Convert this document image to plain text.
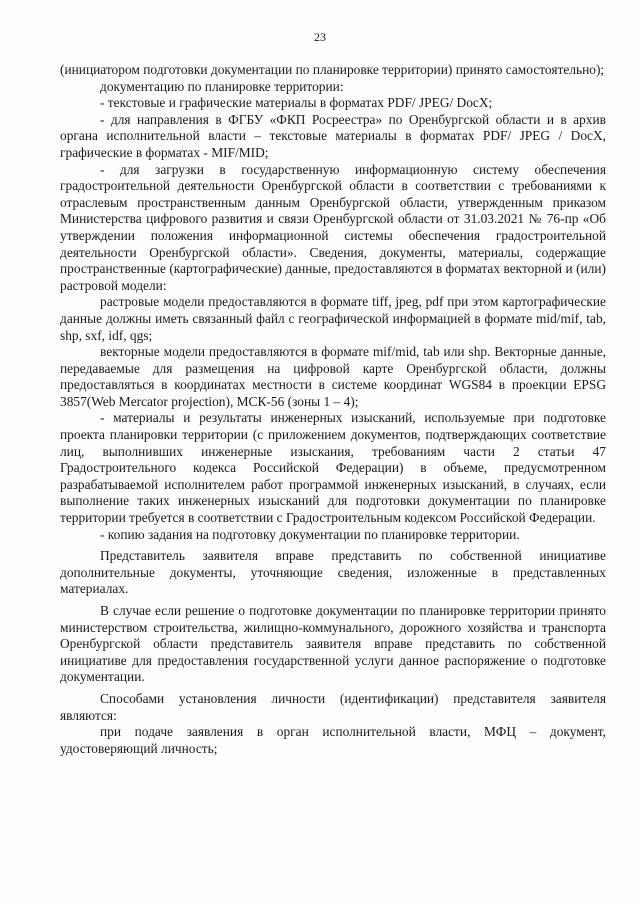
23

(инициатором подготовки документации по планировке территории) принято самостоятельно);

документацию по планировке территории:

- текстовые и графические материалы в форматах PDF/ JPEG/ DocX;

- для направления в ФГБУ «ФКП Росреестра» по Оренбургской области и в архив органа исполнительной власти – текстовые материалы в форматах PDF/ JPEG / DocX, графические в форматах - MIF/MID;

- для загрузки в государственную информационную систему обеспечения градостроительной деятельности Оренбургской области в соответствии с требованиями к отраслевым пространственным данным Оренбургской области, утвержденным приказом Министерства цифрового развития и связи Оренбургской области от 31.03.2021 № 76-пр «Об утверждении положения информационной системы обеспечения градостроительной деятельности Оренбургской области». Сведения, документы, материалы, содержащие пространственные (картографические) данные, предоставляются в форматах векторной и (или) растровой модели:

растровые модели предоставляются в формате tiff, jpeg, pdf при этом картографические данные должны иметь связанный файл с географической информацией в формате mid/mif, tab, shp, sxf, idf, qgs;

векторные модели предоставляются в формате mif/mid, tab или shp. Векторные данные, передаваемые для размещения на цифровой карте Оренбургской области, должны предоставляться в координатах местности в системе координат WGS84 в проекции EPSG 3857(Web Mercator projection), МСК-56 (зоны 1 – 4);

- материалы и результаты инженерных изысканий, используемые при подготовке проекта планировки территории (с приложением документов, подтверждающих соответствие лиц, выполнивших инженерные изыскания, требованиям части 2 статьи 47 Градостроительного кодекса Российской Федерации) в объеме, предусмотренном разрабатываемой исполнителем работ программой инженерных изысканий, в случаях, если выполнение таких инженерных изысканий для подготовки документации по планировке территории требуется в соответствии с Градостроительным кодексом Российской Федерации.

- копию задания на подготовку документации по планировке территории.

Представитель заявителя вправе представить по собственной инициативе дополнительные документы, уточняющие сведения, изложенные в представленных материалах.

В случае если решение о подготовке документации по планировке территории принято министерством строительства, жилищно-коммунального, дорожного хозяйства и транспорта Оренбургской области представитель заявителя вправе представить по собственной инициативе для предоставления государственной услуги данное распоряжение о подготовке документации.

Способами установления личности (идентификации) представителя заявителя являются:

при подаче заявления в орган исполнительной власти, МФЦ – документ, удостоверяющий личность;
